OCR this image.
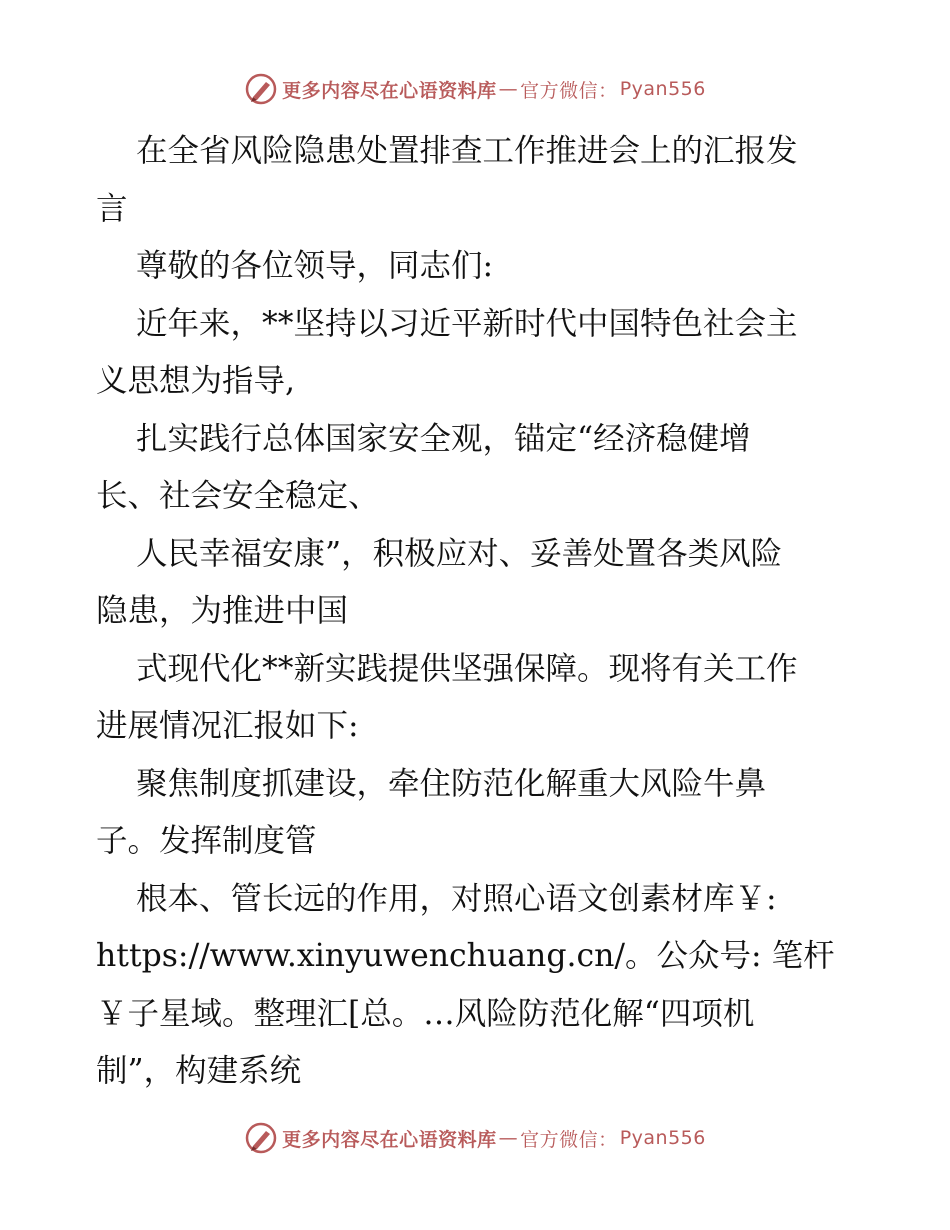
更多内容尽在心语资料库 — 官方微信： Pyan556
在全省风险隐患处置排查工作推进会上的汇报发
言
尊敬的各位领导，同志们:
近年来，**坚持以习近平新时代中国特色社会主
义思想为指导,
扎实践行总体国家安全观，锚定“经济稳健增
长、社会安全稳定、
人民幸福安康”，积极应对、妥善处置各类风险
隐患，为推进中国
式现代化**新实践提供坚强保障。现将有关工作
进展情况汇报如下:
聚焦制度抓建设，牵住防范化解重大风险牛鼻
子。发挥制度管
根本、管长远的作用，对照心语文创素材库￥:
https://www.xinyuwenchuang.cn/。公众号: 笔杆
￥子星域。整理汇[总。…风险防范化解“四项机
制”，构建系统
更多内容尽在心语资料库 — 官方微信： Pyan556
